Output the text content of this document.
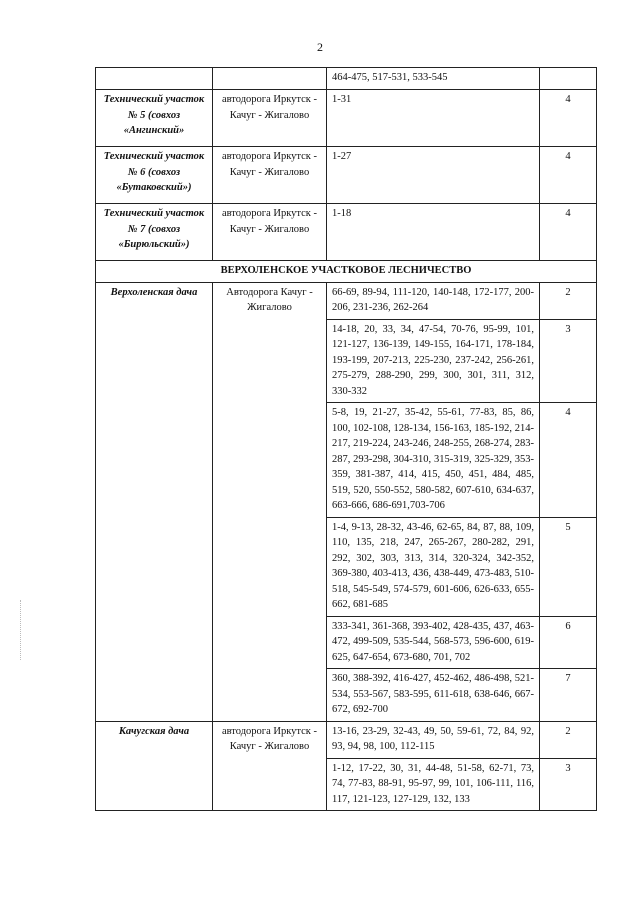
2
		464-475, 517-531, 533-545	
Технический участок № 5 (совхоз «Ангинский»	автодорога Иркутск - Качуг - Жигалово	1-31	4
Технический участок № 6 (совхоз «Бутаковский»)	автодорога Иркутск - Качуг - Жигалово	1-27	4
Технический участок № 7 (совхоз «Бирюльский»)	автодорога Иркутск - Качуг - Жигалово	1-18	4
ВЕРХОЛЕНСКОЕ УЧАСТКОВОЕ ЛЕСНИЧЕСТВО			
Верхоленская дача	Автодорога Качуг - Жигалово	66-69, 89-94, 111-120, 140-148, 172-177, 200-206, 231-236, 262-264	2
		14-18, 20, 33, 34, 47-54, 70-76, 95-99, 101, 121-127, 136-139, 149-155, 164-171, 178-184, 193-199, 207-213, 225-230, 237-242, 256-261, 275-279, 288-290, 299, 300, 301, 311, 312, 330-332	3
		5-8, 19, 21-27, 35-42, 55-61, 77-83, 85, 86, 100, 102-108, 128-134, 156-163, 185-192, 214-217, 219-224, 243-246, 248-255, 268-274, 283-287, 293-298, 304-310, 315-319, 325-329, 353-359, 381-387, 414, 415, 450, 451, 484, 485, 519, 520, 550-552, 580-582, 607-610, 634-637, 663-666, 686-691,703-706	4
		1-4, 9-13, 28-32, 43-46, 62-65, 84, 87, 88, 109, 110, 135, 218, 247, 265-267, 280-282, 291, 292, 302, 303, 313, 314, 320-324, 342-352, 369-380, 403-413, 436, 438-449, 473-483, 510-518, 545-549, 574-579, 601-606, 626-633, 655-662, 681-685	5
		333-341, 361-368, 393-402, 428-435, 437, 463-472, 499-509, 535-544, 568-573, 596-600, 619-625, 647-654, 673-680, 701, 702	6
		360, 388-392, 416-427, 452-462, 486-498, 521-534, 553-567, 583-595, 611-618, 638-646, 667-672, 692-700	7
Качугская дача	автодорога Иркутск - Качуг - Жигалово	13-16, 23-29, 32-43, 49, 50, 59-61, 72, 84, 92, 93, 94, 98, 100, 112-115	2
		1-12, 17-22, 30, 31, 44-48, 51-58, 62-71, 73, 74, 77-83, 88-91, 95-97, 99, 101, 106-111, 116, 117, 121-123, 127-129, 132, 133	3
